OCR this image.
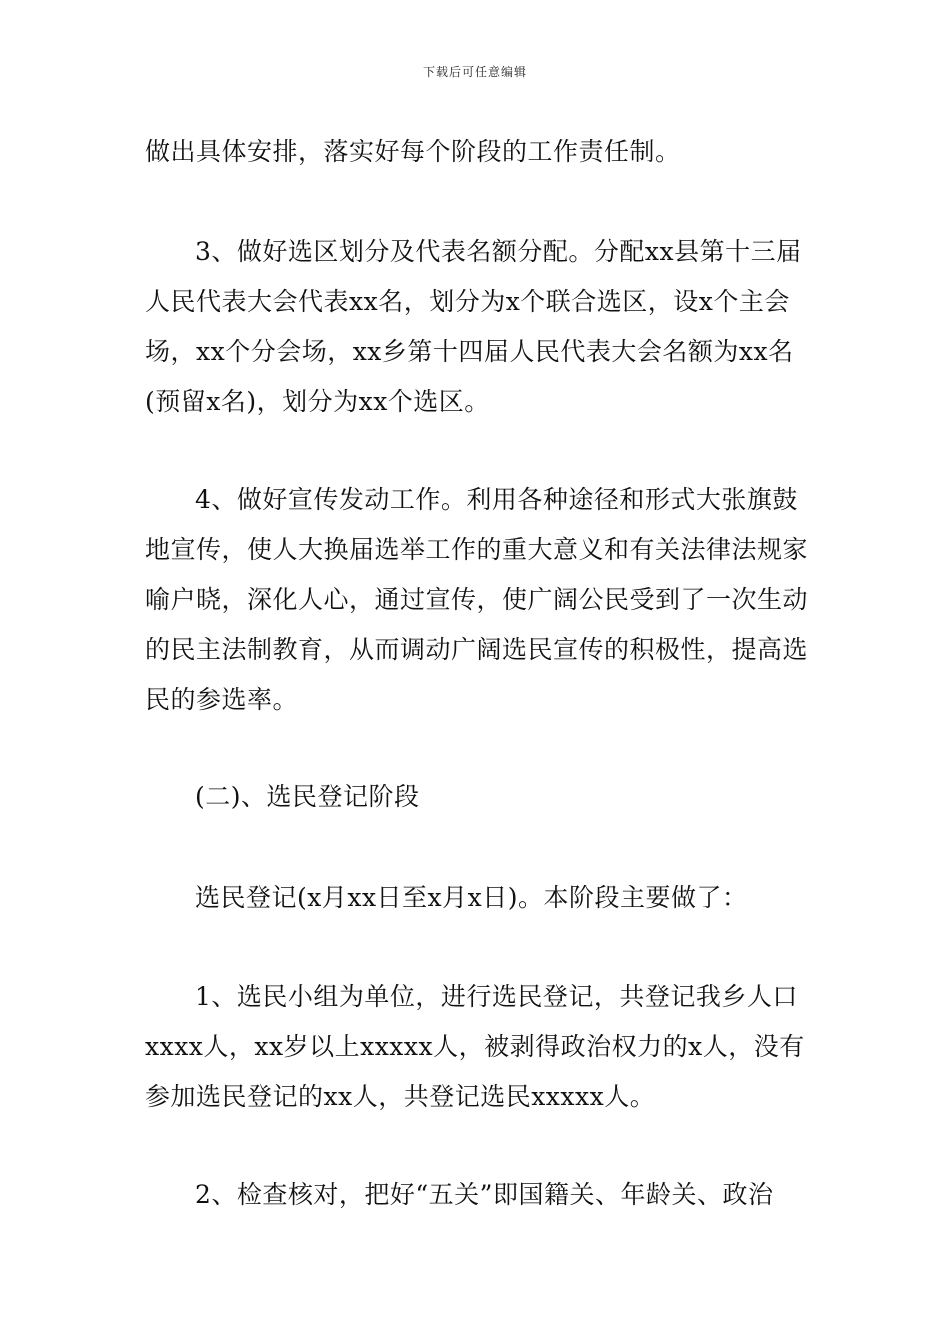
下载后可任意编辑

做出具体安排，落实好每个阶段的工作责任制。

3、做好选区划分及代表名额分配。分配xx县第十三届人民代表大会代表xx名，划分为x个联合选区，设x个主会场，xx个分会场，xx乡第十四届人民代表大会名额为xx名(预留x名)，划分为xx个选区。

4、做好宣传发动工作。利用各种途径和形式大张旗鼓地宣传，使人大换届选举工作的重大意义和有关法律法规家喻户晓，深化人心，通过宣传，使广阔公民受到了一次生动的民主法制教育，从而调动广阔选民宣传的积极性，提高选民的参选率。

(二)、选民登记阶段

选民登记(x月xx日至x月x日)。本阶段主要做了：

1、选民小组为单位，进行选民登记，共登记我乡人口xxxx人，xx岁以上xxxxx人，被剥得政治权力的x人，没有参加选民登记的xx人，共登记选民xxxxx人。

2、检查核对，把好“五关”即国籍关、年龄关、政治
